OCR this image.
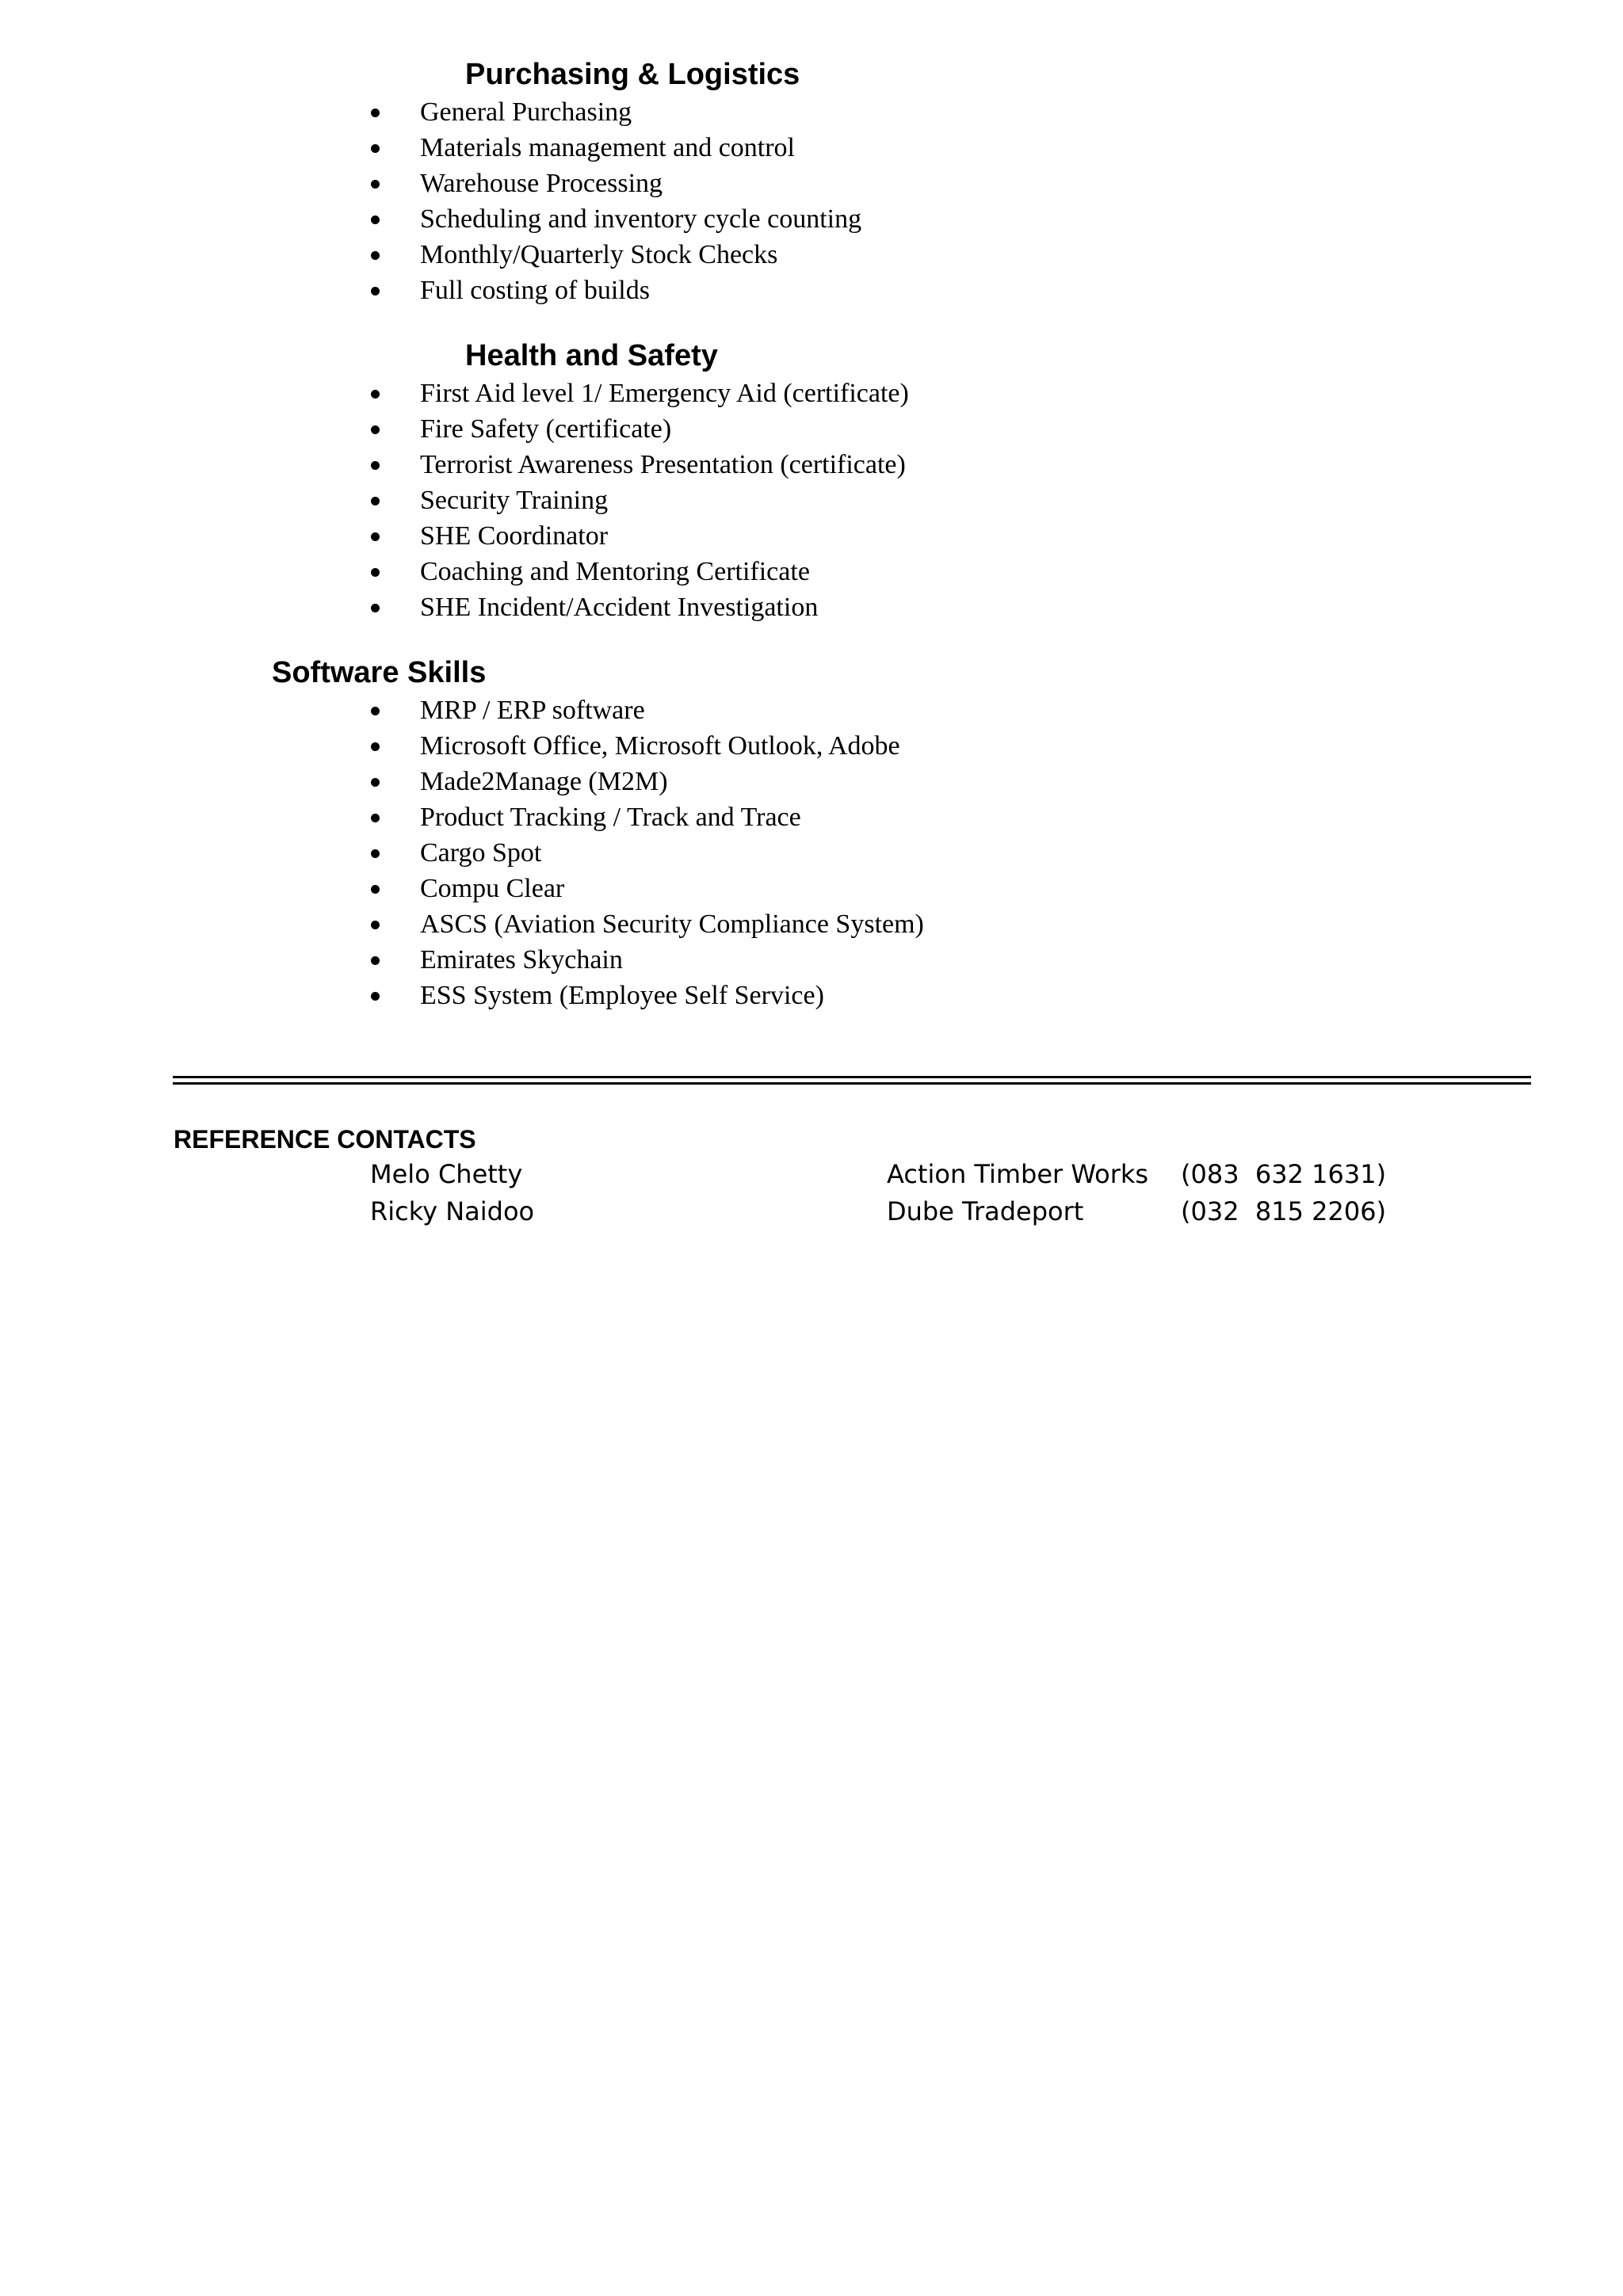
Purchasing & Logistics
General Purchasing
Materials management and control
Warehouse Processing
Scheduling and inventory cycle counting
Monthly/Quarterly Stock Checks
Full costing of builds
Health and Safety
First Aid level 1/ Emergency Aid (certificate)
Fire Safety (certificate)
Terrorist Awareness Presentation (certificate)
Security Training
SHE Coordinator
Coaching and Mentoring Certificate
SHE Incident/Accident Investigation
Software Skills
MRP / ERP software
Microsoft Office, Microsoft Outlook, Adobe
Made2Manage (M2M)
Product Tracking / Track and Trace
Cargo Spot
Compu Clear
ASCS (Aviation Security Compliance System)
Emirates Skychain
ESS System (Employee Self Service)
REFERENCE CONTACTS
Melo Chetty	Action Timber Works (083  632 1631)
Ricky Naidoo	Dube Tradeport	(032  815 2206)
